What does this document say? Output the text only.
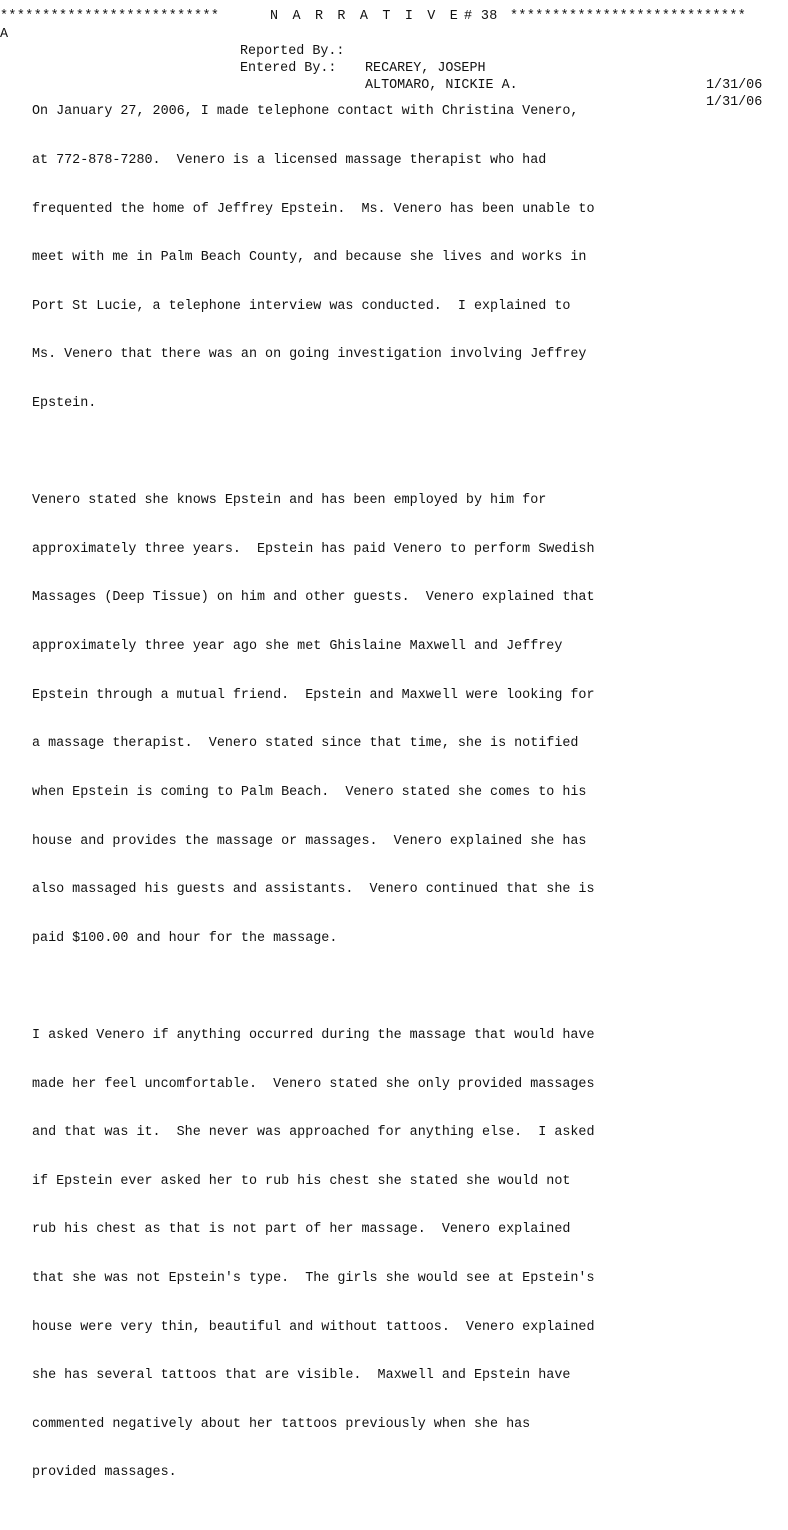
**************************

	N A R R A T I V E

# 38

****************************

A

Reported By.:

RECAREY, JOSEPH

1/31/06

Entered By.:

ALTOMARO, NICKIE A.

1/31/06

On January 27, 2006, I made telephone contact with Christina Venero,

at 772-878-7280.  Venero is a licensed massage therapist who had

frequented the home of Jeffrey Epstein.  Ms. Venero has been unable to

meet with me in Palm Beach County, and because she lives and works in

Port St Lucie, a telephone interview was conducted.  I explained to

Ms. Venero that there was an on going investigation involving Jeffrey

Epstein.

Venero stated she knows Epstein and has been employed by him for

approximately three years.  Epstein has paid Venero to perform Swedish

Massages (Deep Tissue) on him and other guests.  Venero explained that

approximately three year ago she met Ghislaine Maxwell and Jeffrey

Epstein through a mutual friend.  Epstein and Maxwell were looking for

a massage therapist.  Venero stated since that time, she is notified

when Epstein is coming to Palm Beach.  Venero stated she comes to his

house and provides the massage or massages.  Venero explained she has

also massaged his guests and assistants.  Venero continued that she is

paid $100.00 and hour for the massage.

I asked Venero if anything occurred during the massage that would have

made her feel uncomfortable.  Venero stated she only provided massages

and that was it.  She never was approached for anything else.  I asked

if Epstein ever asked her to rub his chest she stated she would not

rub his chest as that is not part of her massage.  Venero explained

that she was not Epstein's type.  The girls she would see at Epstein's

house were very thin, beautiful and without tattoos.  Venero explained

she has several tattoos that are visible.  Maxwell and Epstein have

commented negatively about her tattoos previously when she has

provided massages.
